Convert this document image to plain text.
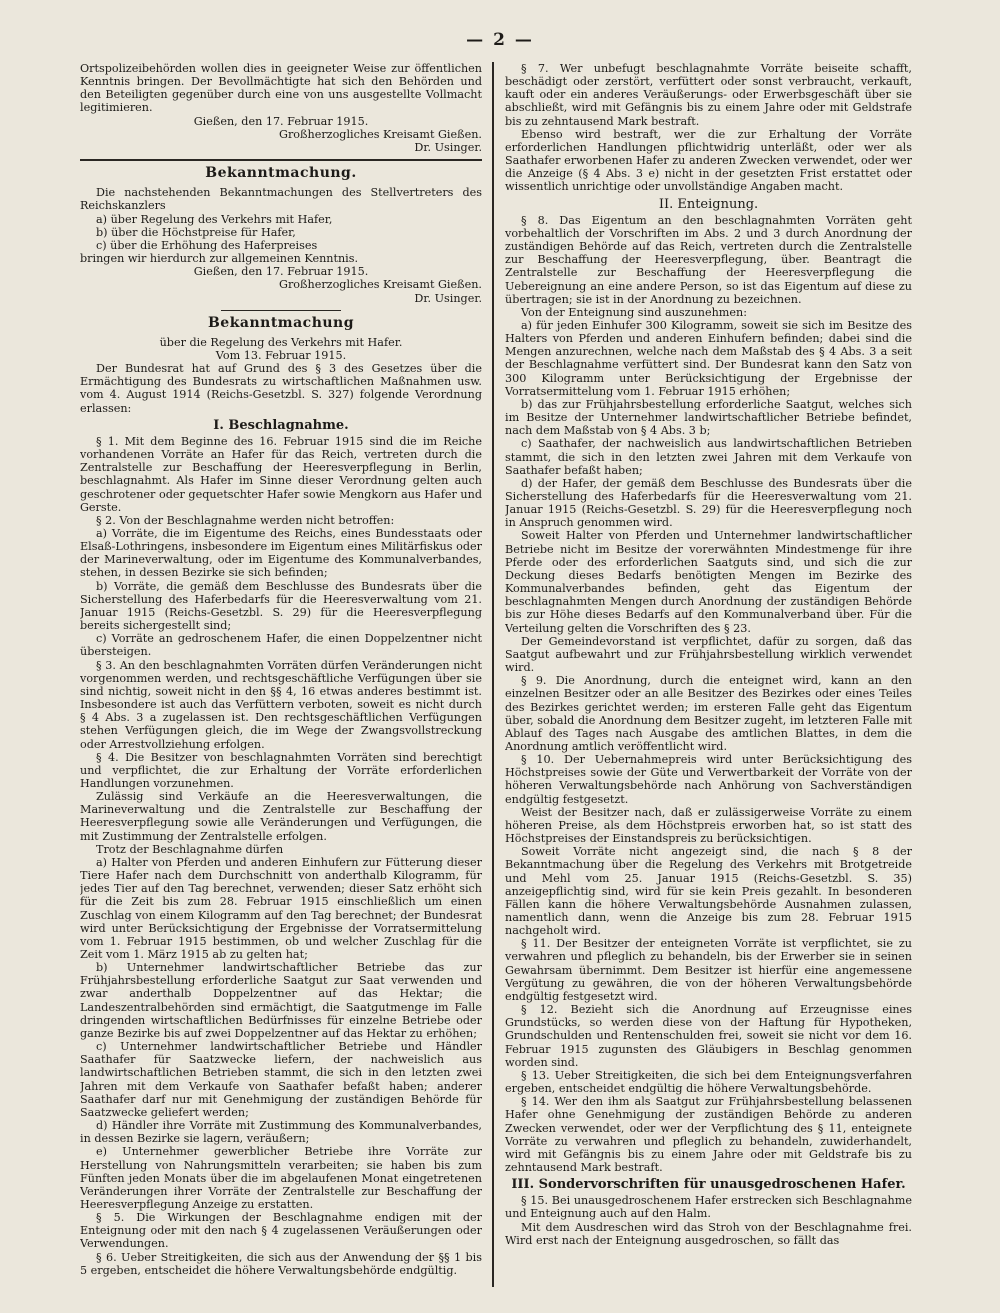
— 2 —

Ortspolizeibehörden wollen dies in geeigneter Weise zur öffentlichen Kenntnis bringen. Der Bevollmächtigte hat sich den Behörden und den Beteiligten gegenüber durch eine von uns ausgestellte Vollmacht legitimieren.

Gießen, den 17. Februar 1915.

Großherzogliches Kreisamt Gießen.

Dr. Usinger.

Bekanntmachung.

Die nachstehenden Bekanntmachungen des Stellvertreters des Reichskanzlers

a) über Regelung des Verkehrs mit Hafer,

b) über die Höchstpreise für Hafer,

c) über die Erhöhung des Haferpreises

bringen wir hierdurch zur allgemeinen Kenntnis.

Gießen, den 17. Februar 1915.

Großherzogliches Kreisamt Gießen.

Dr. Usinger.

Bekanntmachung

über die Regelung des Verkehrs mit Hafer.

Vom 13. Februar 1915.

Der Bundesrat hat auf Grund des § 3 des Gesetzes über die Ermächtigung des Bundesrats zu wirtschaftlichen Maßnahmen usw. vom 4. August 1914 (Reichs-Gesetzbl. S. 327) folgende Verordnung erlassen:

I. Beschlagnahme.

§ 1. Mit dem Beginne des 16. Februar 1915 sind die im Reiche vorhandenen Vorräte an Hafer für das Reich, vertreten durch die Zentralstelle zur Beschaffung der Heeresverpflegung in Berlin, beschlagnahmt. Als Hafer im Sinne dieser Verordnung gelten auch geschrotener oder gequetschter Hafer sowie Mengkorn aus Hafer und Gerste.

§ 2. Von der Beschlagnahme werden nicht betroffen:

a) Vorräte, die im Eigentume des Reichs, eines Bundesstaats oder Elsaß-Lothringens, insbesondere im Eigentum eines Militärfiskus oder der Marineverwaltung, oder im Eigentume des Kommunalverbandes, stehen, in dessen Bezirke sie sich befinden;

b) Vorräte, die gemäß dem Beschlusse des Bundesrats über die Sicherstellung des Haferbedarfs für die Heeresverwaltung vom 21. Januar 1915 (Reichs-Gesetzbl. S. 29) für die Heeresverpflegung bereits sichergestellt sind;

c) Vorräte an gedroschenem Hafer, die einen Doppelzentner nicht übersteigen.

§ 3. An den beschlagnahmten Vorräten dürfen Veränderungen nicht vorgenommen werden, und rechtsgeschäftliche Verfügungen über sie sind nichtig, soweit nicht in den §§ 4, 16 etwas anderes bestimmt ist. Insbesondere ist auch das Verfüttern verboten, soweit es nicht durch § 4 Abs. 3 a zugelassen ist. Den rechtsgeschäftlichen Verfügungen stehen Verfügungen gleich, die im Wege der Zwangsvollstreckung oder Arrestvollziehung erfolgen.

§ 4. Die Besitzer von beschlagnahmten Vorräten sind berechtigt und verpflichtet, die zur Erhaltung der Vorräte erforderlichen Handlungen vorzunehmen.

Zulässig sind Verkäufe an die Heeresverwaltungen, die Marineverwaltung und die Zentralstelle zur Beschaffung der Heeresverpflegung sowie alle Veränderungen und Verfügungen, die mit Zustimmung der Zentralstelle erfolgen.

Trotz der Beschlagnahme dürfen

a) Halter von Pferden und anderen Einhufern zur Fütterung dieser Tiere Hafer nach dem Durchschnitt von anderthalb Kilogramm, für jedes Tier auf den Tag berechnet, verwenden; dieser Satz erhöht sich für die Zeit bis zum 28. Februar 1915 einschließlich um einen Zuschlag von einem Kilogramm auf den Tag berechnet; der Bundesrat wird unter Berücksichtigung der Ergebnisse der Vorratsermittelung vom 1. Februar 1915 bestimmen, ob und welcher Zuschlag für die Zeit vom 1. März 1915 ab zu gelten hat;

b) Unternehmer landwirtschaftlicher Betriebe das zur Frühjahrsbestellung erforderliche Saatgut zur Saat verwenden und zwar anderthalb Doppelzentner auf das Hektar; die Landeszentralbehörden sind ermächtigt, die Saatgutmenge im Falle dringenden wirtschaftlichen Bedürfnisses für einzelne Betriebe oder ganze Bezirke bis auf zwei Doppelzentner auf das Hektar zu erhöhen;

c) Unternehmer landwirtschaftlicher Betriebe und Händler Saathafer für Saatzwecke liefern, der nachweislich aus landwirtschaftlichen Betrieben stammt, die sich in den letzten zwei Jahren mit dem Verkaufe von Saathafer befaßt haben; anderer Saathafer darf nur mit Genehmigung der zuständigen Behörde für Saatzwecke geliefert werden;

d) Händler ihre Vorräte mit Zustimmung des Kommunalverbandes, in dessen Bezirke sie lagern, veräußern;

e) Unternehmer gewerblicher Betriebe ihre Vorräte zur Herstellung von Nahrungsmitteln verarbeiten; sie haben bis zum Fünften jeden Monats über die im abgelaufenen Monat eingetretenen Veränderungen ihrer Vorräte der Zentralstelle zur Beschaffung der Heeresverpflegung Anzeige zu erstatten.

§ 5. Die Wirkungen der Beschlagnahme endigen mit der Enteignung oder mit den nach § 4 zugelassenen Veräußerungen oder Verwendungen.

§ 6. Ueber Streitigkeiten, die sich aus der Anwendung der §§ 1 bis 5 ergeben, entscheidet die höhere Verwaltungsbehörde endgültig.

§ 7. Wer unbefugt beschlagnahmte Vorräte beiseite schafft, beschädigt oder zerstört, verfüttert oder sonst verbraucht, verkauft, kauft oder ein anderes Veräußerungs- oder Erwerbsgeschäft über sie abschließt, wird mit Gefängnis bis zu einem Jahre oder mit Geldstrafe bis zu zehntausend Mark bestraft.

Ebenso wird bestraft, wer die zur Erhaltung der Vorräte erforderlichen Handlungen pflichtwidrig unterläßt, oder wer als Saathafer erworbenen Hafer zu anderen Zwecken verwendet, oder wer die Anzeige (§ 4 Abs. 3 e) nicht in der gesetzten Frist erstattet oder wissentlich unrichtige oder unvollständige Angaben macht.

II. Enteignung.

§ 8. Das Eigentum an den beschlagnahmten Vorräten geht vorbehaltlich der Vorschriften im Abs. 2 und 3 durch Anordnung der zuständigen Behörde auf das Reich, vertreten durch die Zentralstelle zur Beschaffung der Heeresverpflegung, über. Beantragt die Zentralstelle zur Beschaffung der Heeresverpflegung die Uebereignung an eine andere Person, so ist das Eigentum auf diese zu übertragen; sie ist in der Anordnung zu bezeichnen.

Von der Enteignung sind auszunehmen:

a) für jeden Einhufer 300 Kilogramm, soweit sie sich im Besitze des Halters von Pferden und anderen Einhufern befinden; dabei sind die Mengen anzurechnen, welche nach dem Maßstab des § 4 Abs. 3 a seit der Beschlagnahme verfüttert sind. Der Bundesrat kann den Satz von 300 Kilogramm unter Berücksichtigung der Ergebnisse der Vorratsermittelung vom 1. Februar 1915 erhöhen;

b) das zur Frühjahrsbestellung erforderliche Saatgut, welches sich im Besitze der Unternehmer landwirtschaftlicher Betriebe befindet, nach dem Maßstab von § 4 Abs. 3 b;

c) Saathafer, der nachweislich aus landwirtschaftlichen Betrieben stammt, die sich in den letzten zwei Jahren mit dem Verkaufe von Saathafer befaßt haben;

d) der Hafer, der gemäß dem Beschlusse des Bundesrats über die Sicherstellung des Haferbedarfs für die Heeresverwaltung vom 21. Januar 1915 (Reichs-Gesetzbl. S. 29) für die Heeresverpflegung noch in Anspruch genommen wird.

Soweit Halter von Pferden und Unternehmer landwirtschaftlicher Betriebe nicht im Besitze der vorerwähnten Mindestmenge für ihre Pferde oder des erforderlichen Saatguts sind, und sich die zur Deckung dieses Bedarfs benötigten Mengen im Bezirke des Kommunalverbandes befinden, geht das Eigentum der beschlagnahmten Mengen durch Anordnung der zuständigen Behörde bis zur Höhe dieses Bedarfs auf den Kommunalverband über. Für die Verteilung gelten die Vorschriften des § 23.

Der Gemeindevorstand ist verpflichtet, dafür zu sorgen, daß das Saatgut aufbewahrt und zur Frühjahrsbestellung wirklich verwendet wird.

§ 9. Die Anordnung, durch die enteignet wird, kann an den einzelnen Besitzer oder an alle Besitzer des Bezirkes oder eines Teiles des Bezirkes gerichtet werden; im ersteren Falle geht das Eigentum über, sobald die Anordnung dem Besitzer zugeht, im letzteren Falle mit Ablauf des Tages nach Ausgabe des amtlichen Blattes, in dem die Anordnung amtlich veröffentlicht wird.

§ 10. Der Uebernahmepreis wird unter Berücksichtigung des Höchstpreises sowie der Güte und Verwertbarkeit der Vorräte von der höheren Verwaltungsbehörde nach Anhörung von Sachverständigen endgültig festgesetzt.

Weist der Besitzer nach, daß er zulässigerweise Vorräte zu einem höheren Preise, als dem Höchstpreis erworben hat, so ist statt des Höchstpreises der Einstandspreis zu berücksichtigen.

Soweit Vorräte nicht angezeigt sind, die nach § 8 der Bekanntmachung über die Regelung des Verkehrs mit Brotgetreide und Mehl vom 25. Januar 1915 (Reichs-Gesetzbl. S. 35) anzeigepflichtig sind, wird für sie kein Preis gezahlt. In besonderen Fällen kann die höhere Verwaltungsbehörde Ausnahmen zulassen, namentlich dann, wenn die Anzeige bis zum 28. Februar 1915 nachgeholt wird.

§ 11. Der Besitzer der enteigneten Vorräte ist verpflichtet, sie zu verwahren und pfleglich zu behandeln, bis der Erwerber sie in seinen Gewahrsam übernimmt. Dem Besitzer ist hierfür eine angemessene Vergütung zu gewähren, die von der höheren Verwaltungsbehörde endgültig festgesetzt wird.

§ 12. Bezieht sich die Anordnung auf Erzeugnisse eines Grundstücks, so werden diese von der Haftung für Hypotheken, Grundschulden und Rentenschulden frei, soweit sie nicht vor dem 16. Februar 1915 zugunsten des Gläubigers in Beschlag genommen worden sind.

§ 13. Ueber Streitigkeiten, die sich bei dem Enteignungsverfahren ergeben, entscheidet endgültig die höhere Verwaltungsbehörde.

§ 14. Wer den ihm als Saatgut zur Frühjahrsbestellung belassenen Hafer ohne Genehmigung der zuständigen Behörde zu anderen Zwecken verwendet, oder wer der Verpflichtung des § 11, enteignete Vorräte zu verwahren und pfleglich zu behandeln, zuwiderhandelt, wird mit Gefängnis bis zu einem Jahre oder mit Geldstrafe bis zu zehntausend Mark bestraft.

III. Sondervorschriften für unausgedroschenen Hafer.

§ 15. Bei unausgedroschenem Hafer erstrecken sich Beschlagnahme und Enteignung auch auf den Halm.

Mit dem Ausdreschen wird das Stroh von der Beschlagnahme frei. Wird erst nach der Enteignung ausgedroschen, so fällt das
